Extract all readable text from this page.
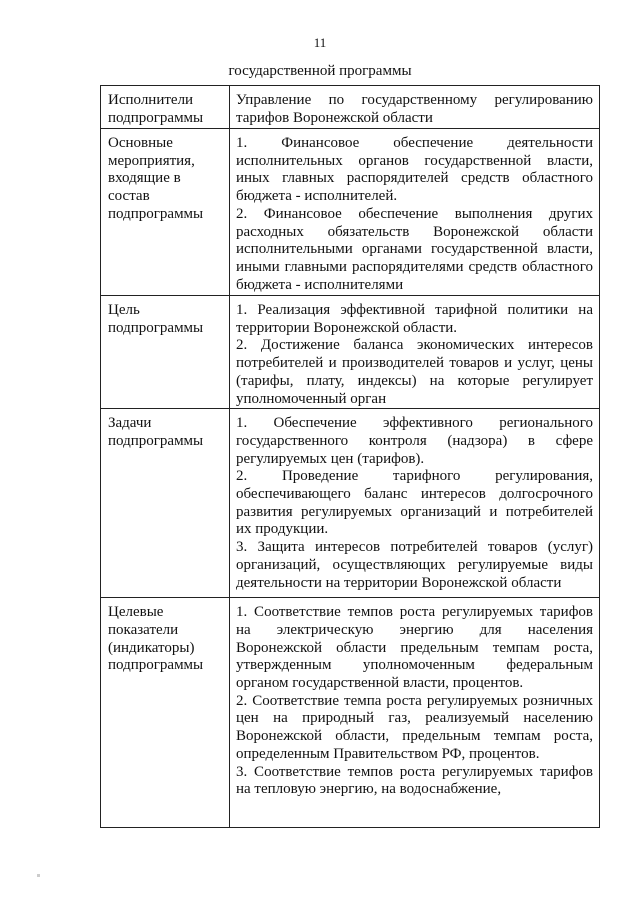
11
государственной программы
Исполнители подпрограммы	Управление по государственному регулированию тарифов Воронежской области

Основные мероприятия, входящие в состав подпрограммы	1. Финансовое обеспечение деятельности исполнительных органов государственной власти, иных главных распорядителей средств областного бюджета - исполнителей.

2. Финансовое обеспечение выполнения других расходных обязательств Воронежской области исполнительными органами государственной власти, иными главными распорядителями средств областного бюджета - исполнителями

Цель подпрограммы	1. Реализация эффективной тарифной политики на территории Воронежской области.

2. Достижение баланса экономических интересов потребителей и производителей товаров и услуг, цены (тарифы, плату, индексы) на которые регулирует уполномоченный орган

Задачи подпрограммы	1. Обеспечение эффективного регионального государственного контроля (надзора) в сфере регулируемых цен (тарифов).

2. Проведение тарифного регулирования, обеспечивающего баланс интересов долгосрочного развития регулируемых организаций и потребителей их продукции.

3. Защита интересов потребителей товаров (услуг) организаций, осуществляющих регулируемые виды деятельности на территории Воронежской области

Целевые показатели (индикаторы) подпрограммы	1. Соответствие темпов роста регулируемых тарифов на электрическую энергию для населения Воронежской области предельным темпам роста, утвержденным уполномоченным федеральным органом государственной власти, процентов.

2. Соответствие темпа роста регулируемых розничных цен на природный газ, реализуемый населению Воронежской области, предельным темпам роста, определенным Правительством РФ, процентов.

3. Соответствие темпов роста регулируемых тарифов на тепловую энергию, на водоснабжение,
